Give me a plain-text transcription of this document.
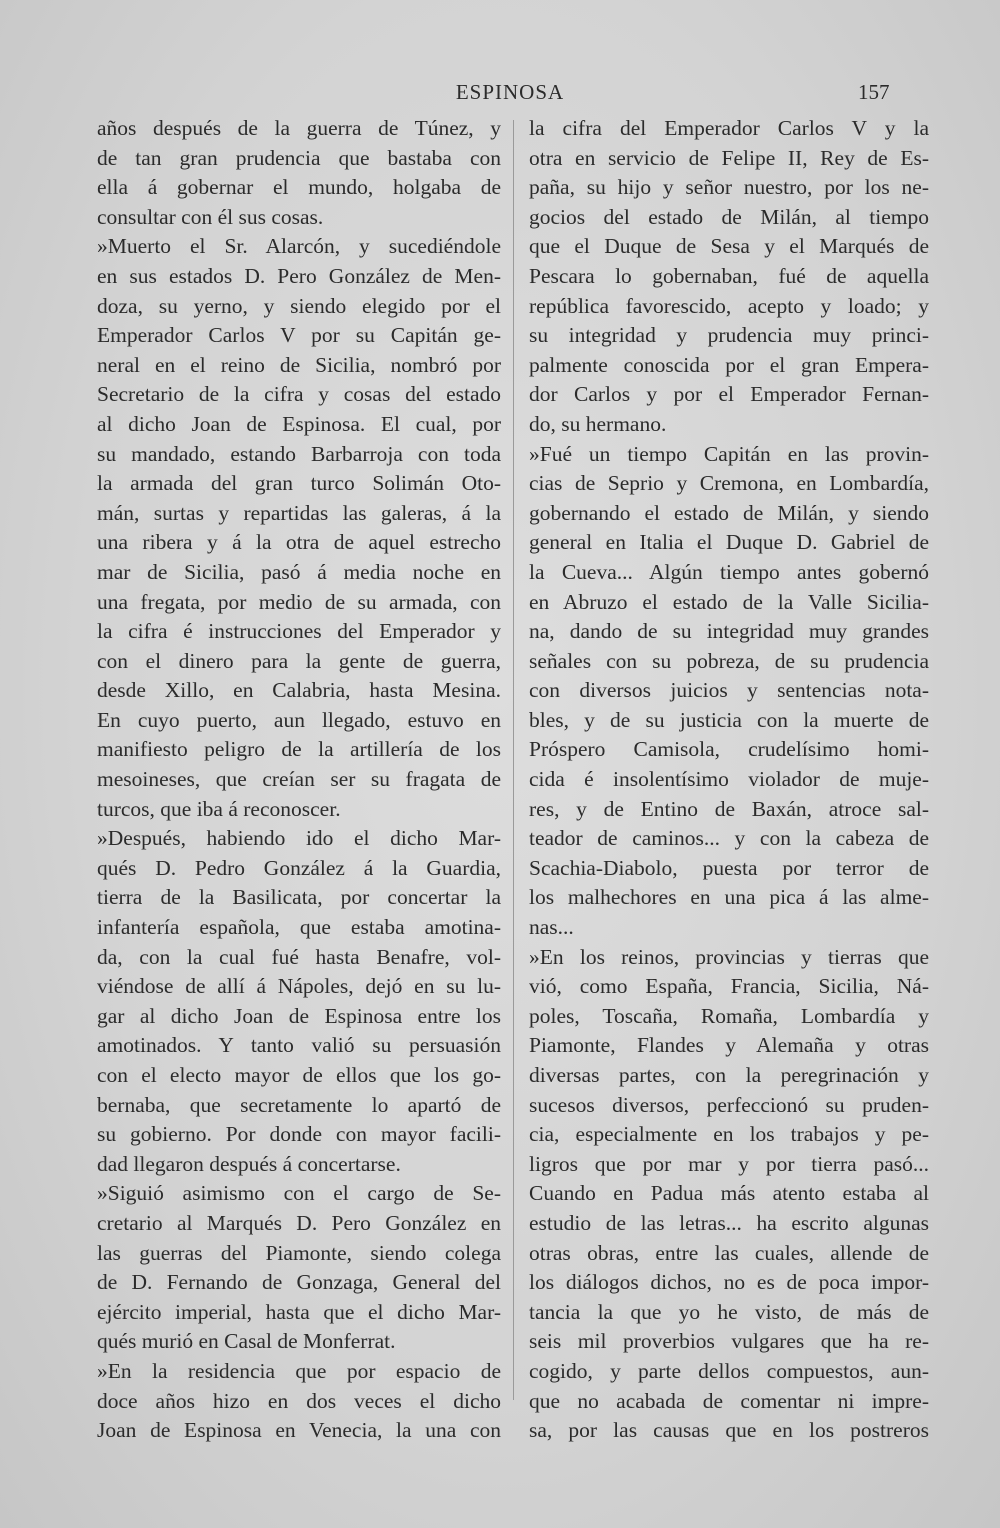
ESPINOSA	157
años después de la guerra de Túnez, y
de tan gran prudencia que bastaba con
ella á gobernar el mundo, holgaba de
consultar con él sus cosas.
»Muerto el Sr. Alarcón, y sucediéndole
en sus estados D. Pero González de Men-
doza, su yerno, y siendo elegido por el
Emperador Carlos V por su Capitán ge-
neral en el reino de Sicilia, nombró por
Secretario de la cifra y cosas del estado
al dicho Joan de Espinosa. El cual, por
su mandado, estando Barbarroja con toda
la armada del gran turco Solimán Oto-
mán, surtas y repartidas las galeras, á la
una ribera y á la otra de aquel estrecho
mar de Sicilia, pasó á media noche en
una fregata, por medio de su armada, con
la cifra é instrucciones del Emperador y
con el dinero para la gente de guerra,
desde Xillo, en Calabria, hasta Mesina.
En cuyo puerto, aun llegado, estuvo en
manifiesto peligro de la artillería de los
mesoineses, que creían ser su fragata de
turcos, que iba á reconoscer.
»Después, habiendo ido el dicho Mar-
qués D. Pedro González á la Guardia,
tierra de la Basilicata, por concertar la
infantería española, que estaba amotina-
da, con la cual fué hasta Benafre, vol-
viéndose de allí á Nápoles, dejó en su lu-
gar al dicho Joan de Espinosa entre los
amotinados. Y tanto valió su persuasión
con el electo mayor de ellos que los go-
bernaba, que secretamente lo apartó de
su gobierno. Por donde con mayor facili-
dad llegaron después á concertarse.
»Siguió asimismo con el cargo de Se-
cretario al Marqués D. Pero González en
las guerras del Piamonte, siendo colega
de D. Fernando de Gonzaga, General del
ejército imperial, hasta que el dicho Mar-
qués murió en Casal de Monferrat.
»En la residencia que por espacio de
doce años hizo en dos veces el dicho
Joan de Espinosa en Venecia, la una con
la cifra del Emperador Carlos V y la
otra en servicio de Felipe II, Rey de Es-
paña, su hijo y señor nuestro, por los ne-
gocios del estado de Milán, al tiempo
que el Duque de Sesa y el Marqués de
Pescara lo gobernaban, fué de aquella
república favorescido, acepto y loado; y
su integridad y prudencia muy princi-
palmente conoscida por el gran Empera-
dor Carlos y por el Emperador Fernan-
do, su hermano.
»Fué un tiempo Capitán en las provin-
cias de Seprio y Cremona, en Lombardía,
gobernando el estado de Milán, y siendo
general en Italia el Duque D. Gabriel de
la Cueva... Algún tiempo antes gobernó
en Abruzo el estado de la Valle Sicilia-
na, dando de su integridad muy grandes
señales con su pobreza, de su prudencia
con diversos juicios y sentencias nota-
bles, y de su justicia con la muerte de
Próspero Camisola, crudelísimo homi-
cida é insolentísimo violador de muje-
res, y de Entino de Baxán, atroce sal-
teador de caminos... y con la cabeza de
Scachia-Diabolo, puesta por terror de
los malhechores en una pica á las alme-
nas...
»En los reinos, provincias y tierras que
vió, como España, Francia, Sicilia, Ná-
poles, Toscaña, Romaña, Lombardía y
Piamonte, Flandes y Alemaña y otras
diversas partes, con la peregrinación y
sucesos diversos, perfeccionó su pruden-
cia, especialmente en los trabajos y pe-
ligros que por mar y por tierra pasó...
Cuando en Padua más atento estaba al
estudio de las letras... ha escrito algunas
otras obras, entre las cuales, allende de
los diálogos dichos, no es de poca impor-
tancia la que yo he visto, de más de
seis mil proverbios vulgares que ha re-
cogido, y parte dellos compuestos, aun-
que no acabada de comentar ni impre-
sa, por las causas que en los postreros
